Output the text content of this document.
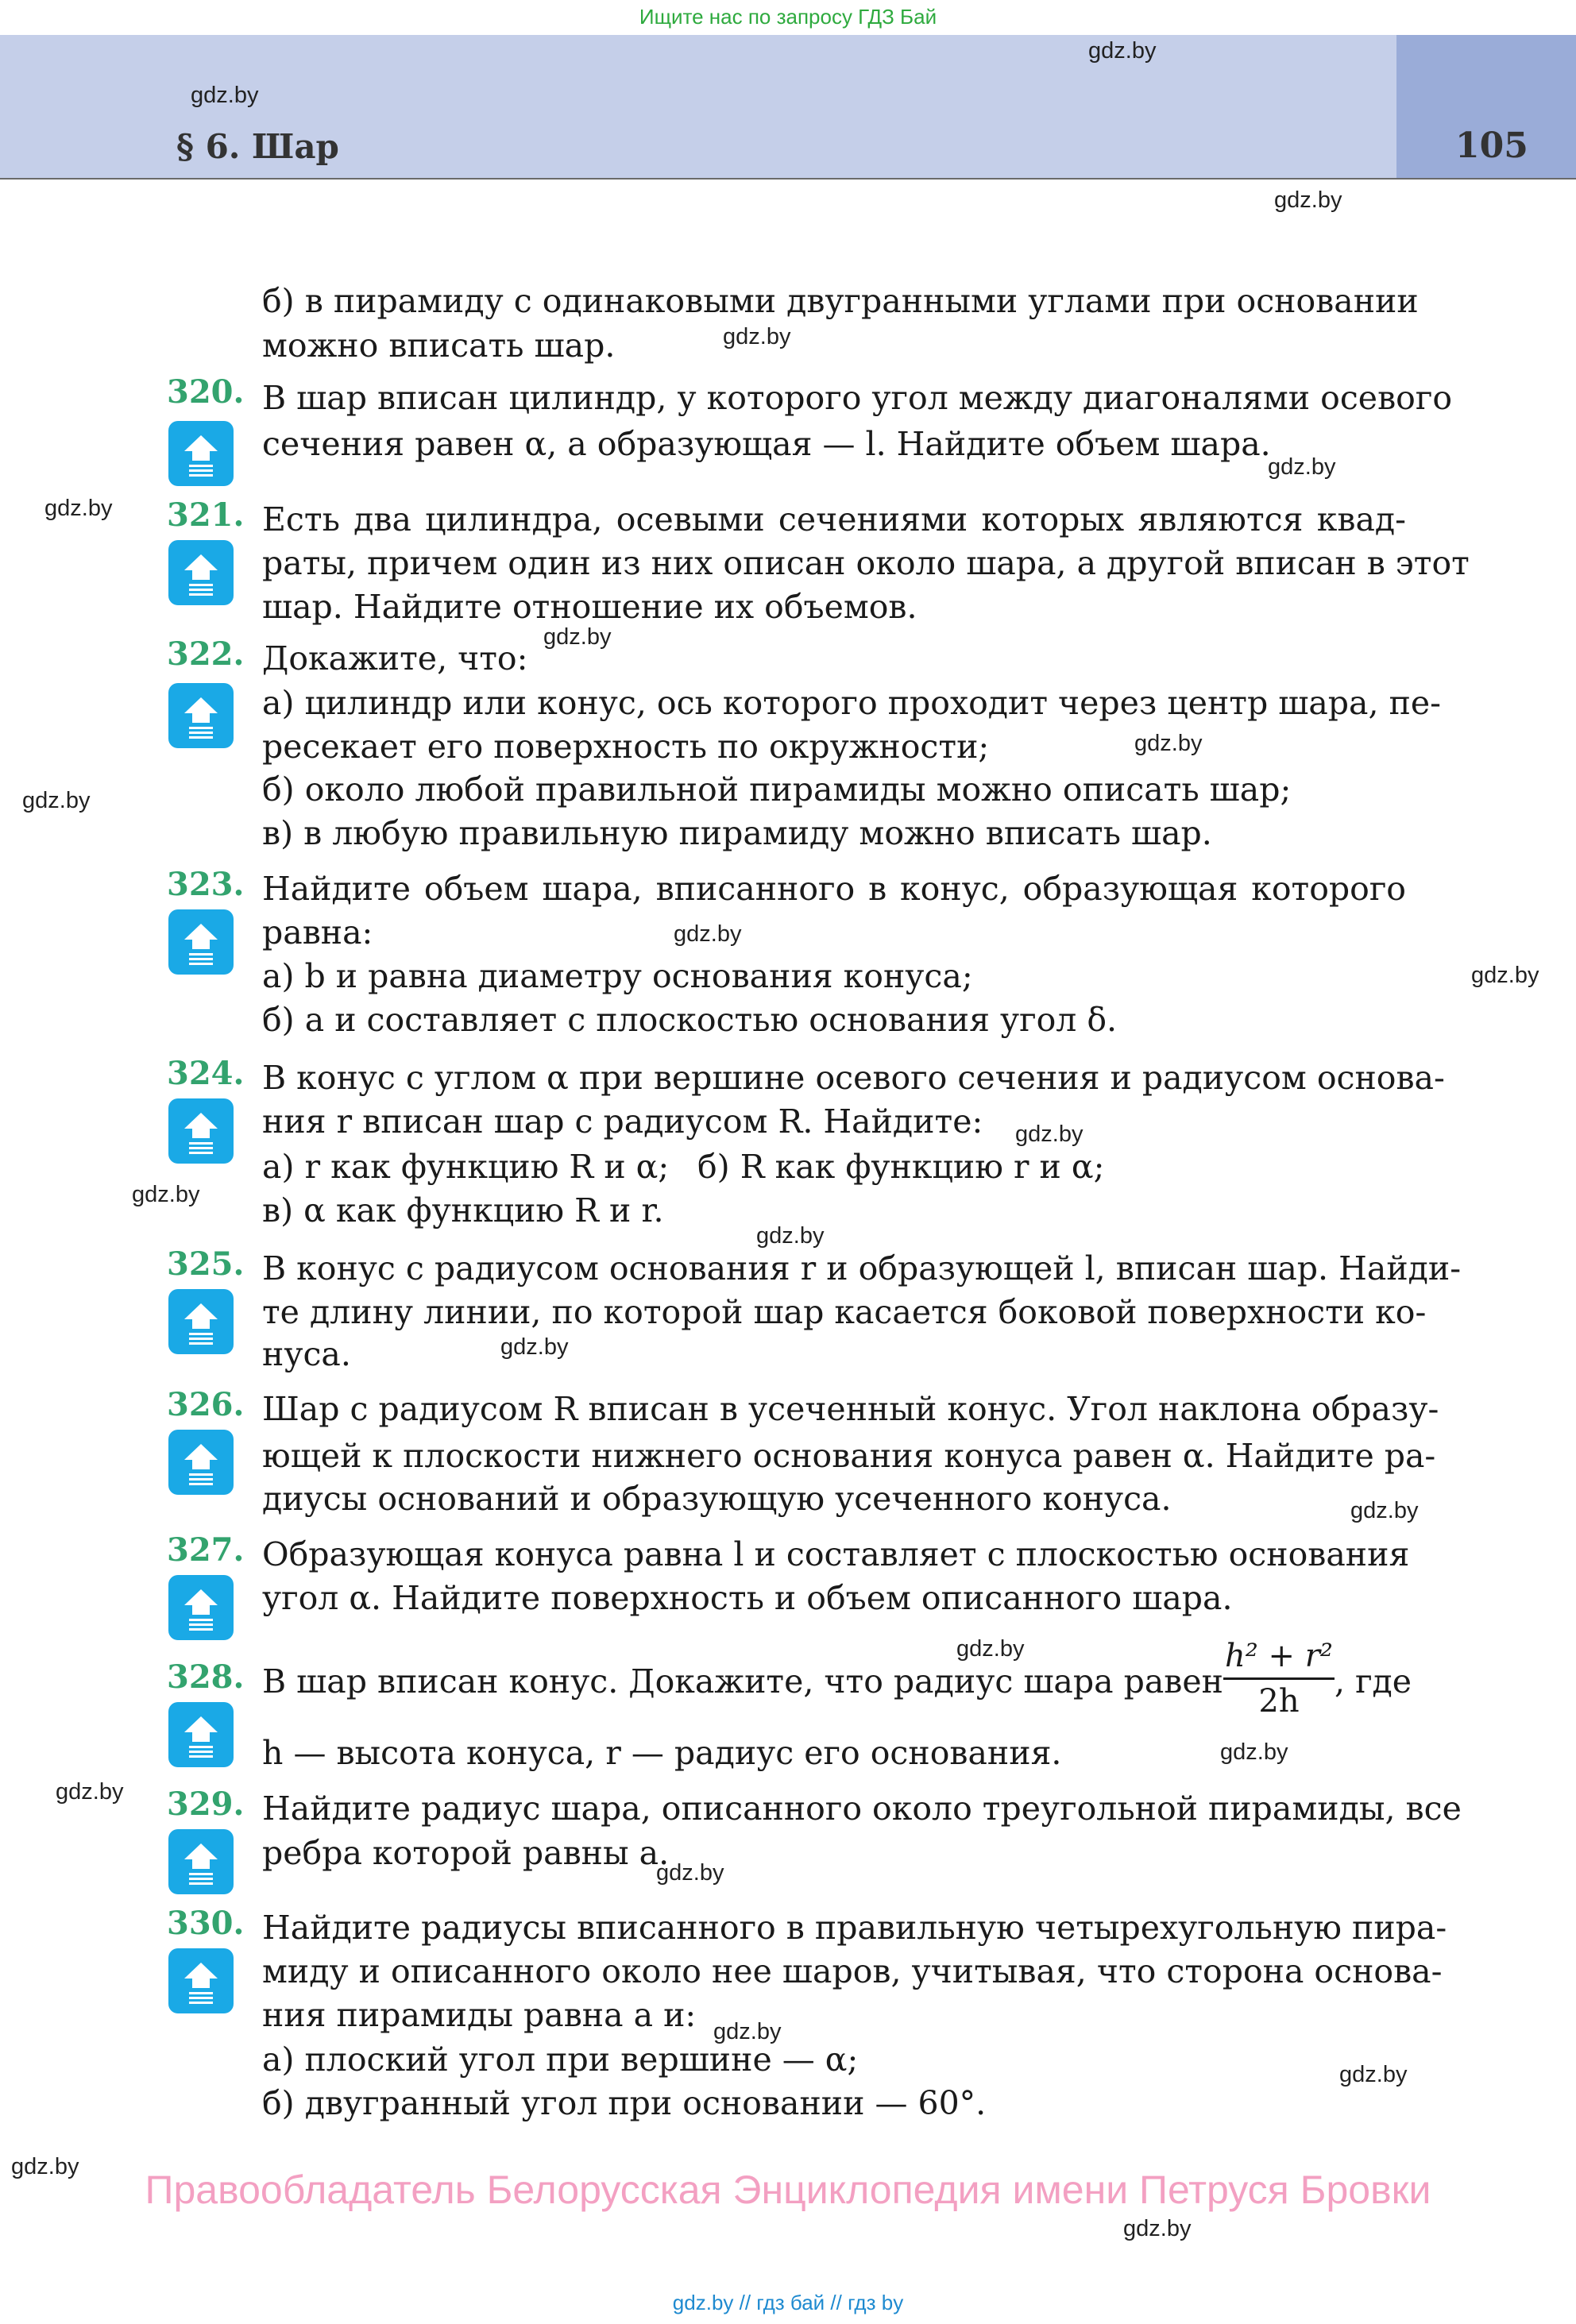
Ищите нас по запросу ГДЗ Бай
§ 6. Шар	105
gdz.by
gdz.by
gdz.by
gdz.by
gdz.by
gdz.by
gdz.by
gdz.by
gdz.by
gdz.by
gdz.by
gdz.by
gdz.by
gdz.by
gdz.by
gdz.by
gdz.by
gdz.by
gdz.by
gdz.by
gdz.by
gdz.by
gdz.by
gdz.by
б) в пирамиду с одинаковыми двугранными углами при основании
можно вписать шар.
320. В шар вписан цилиндр, у которого угол между диагоналями осевого
сечения равен α, а образующая — l. Найдите объем шара.
321. Есть два цилиндра, осевыми сечениями которых являются квад-
раты, причем один из них описан около шара, а другой вписан в этот
шар. Найдите отношение их объемов.
322. Докажите, что:
а) цилиндр или конус, ось которого проходит через центр шара, пе-
ресекает его поверхность по окружности;
б) около любой правильной пирамиды можно описать шар;
в) в любую правильную пирамиду можно вписать шар.
323. Найдите объем шара, вписанного в конус, образующая которого
равна:
а) b и равна диаметру основания конуса;
б) a и составляет с плоскостью основания угол δ.
324. В конус с углом α при вершине осевого сечения и радиусом основа-
ния r вписан шар с радиусом R. Найдите:
а) r как функцию R и α; б) R как функцию r и α;
в) α как функцию R и r.
325. В конус с радиусом основания r и образующей l, вписан шар. Найди-
те длину линии, по которой шар касается боковой поверхности ко-
нуса.
326. Шар с радиусом R вписан в усеченный конус. Угол наклона образу-
ющей к плоскости нижнего основания конуса равен α. Найдите ра-
диусы оснований и образующую усеченного конуса.
327. Образующая конуса равна l и составляет с плоскостью основания
угол α. Найдите поверхность и объем описанного шара.
328. В шар вписан конус. Докажите, что радиус шара равен
h² + r²
2h
, где
h — высота конуса, r — радиус его основания.
329. Найдите радиус шара, описанного около треугольной пирамиды, все
ребра которой равны a.
330. Найдите радиусы вписанного в правильную четырехугольную пира-
миду и описанного около нее шаров, учитывая, что сторона основа-
ния пирамиды равна a и:
а) плоский угол при вершине — α;
б) двугранный угол при основании — 60°.
Правообладатель Белорусская Энциклопедия имени Петруся Бровки
gdz.by // гдз бай // гдз by
